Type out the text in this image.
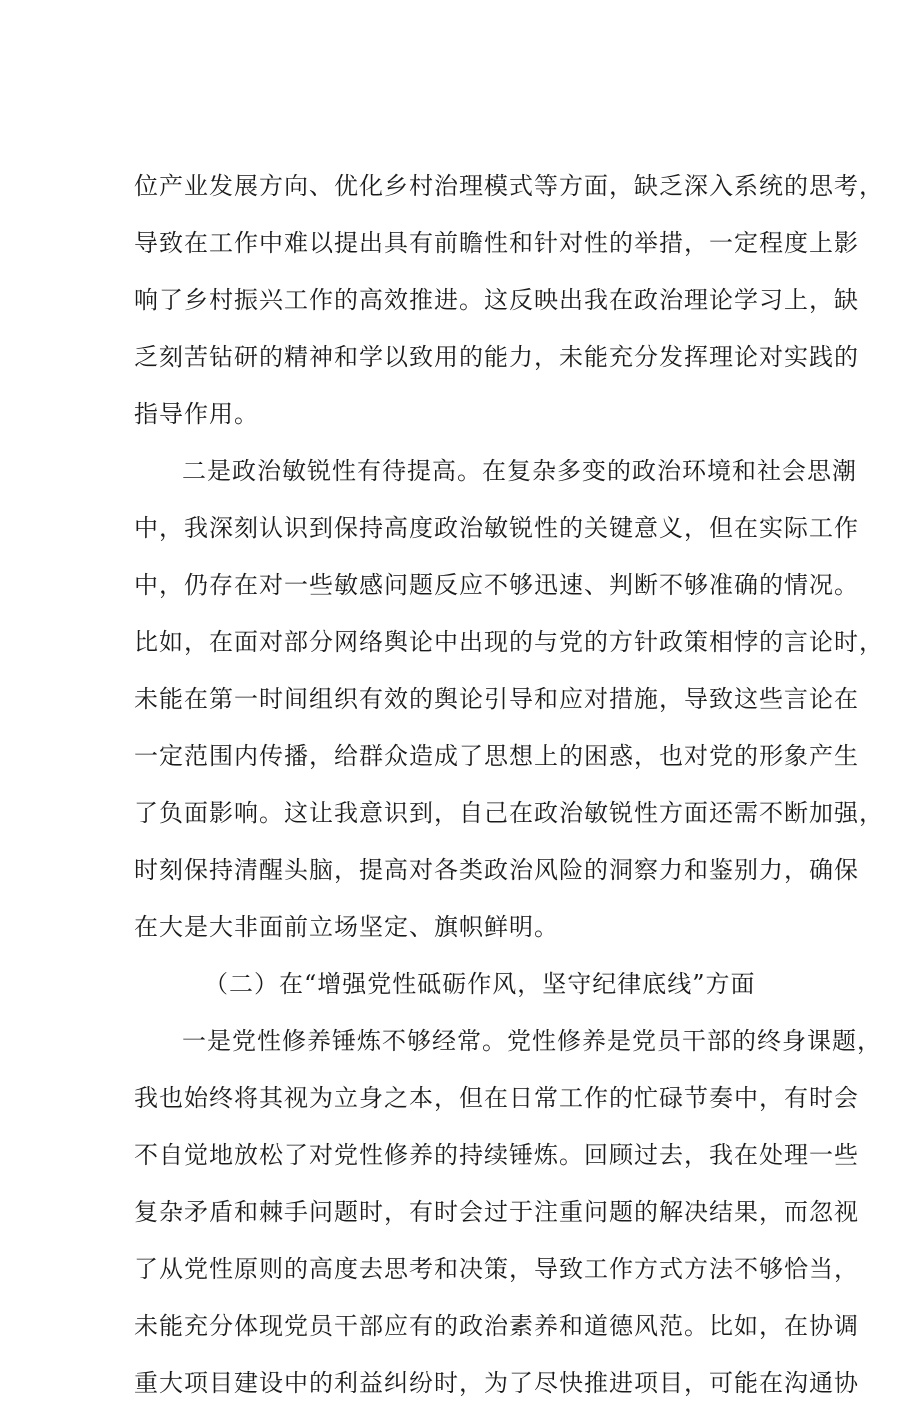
位产业发展方向、优化乡村治理模式等方面，缺乏深入系统的思考，
导致在工作中难以提出具有前瞻性和针对性的举措，一定程度上影
响了乡村振兴工作的高效推进。这反映出我在政治理论学习上，缺
乏刻苦钻研的精神和学以致用的能力，未能充分发挥理论对实践的
指导作用。
二是政治敏锐性有待提高。在复杂多变的政治环境和社会思潮
中，我深刻认识到保持高度政治敏锐性的关键意义，但在实际工作
中，仍存在对一些敏感问题反应不够迅速、判断不够准确的情况。
比如，在面对部分网络舆论中出现的与党的方针政策相悖的言论时，
未能在第一时间组织有效的舆论引导和应对措施，导致这些言论在
一定范围内传播，给群众造成了思想上的困惑，也对党的形象产生
了负面影响。这让我意识到，自己在政治敏锐性方面还需不断加强，
时刻保持清醒头脑，提高对各类政治风险的洞察力和鉴别力，确保
在大是大非面前立场坚定、旗帜鲜明。
（二）在“增强党性砥砺作风，坚守纪律底线”方面
一是党性修养锤炼不够经常。党性修养是党员干部的终身课题，
我也始终将其视为立身之本，但在日常工作的忙碌节奏中，有时会
不自觉地放松了对党性修养的持续锤炼。回顾过去，我在处理一些
复杂矛盾和棘手问题时，有时会过于注重问题的解决结果，而忽视
了从党性原则的高度去思考和决策，导致工作方式方法不够恰当，
未能充分体现党员干部应有的政治素养和道德风范。比如，在协调
重大项目建设中的利益纠纷时，为了尽快推进项目，可能在沟通协
